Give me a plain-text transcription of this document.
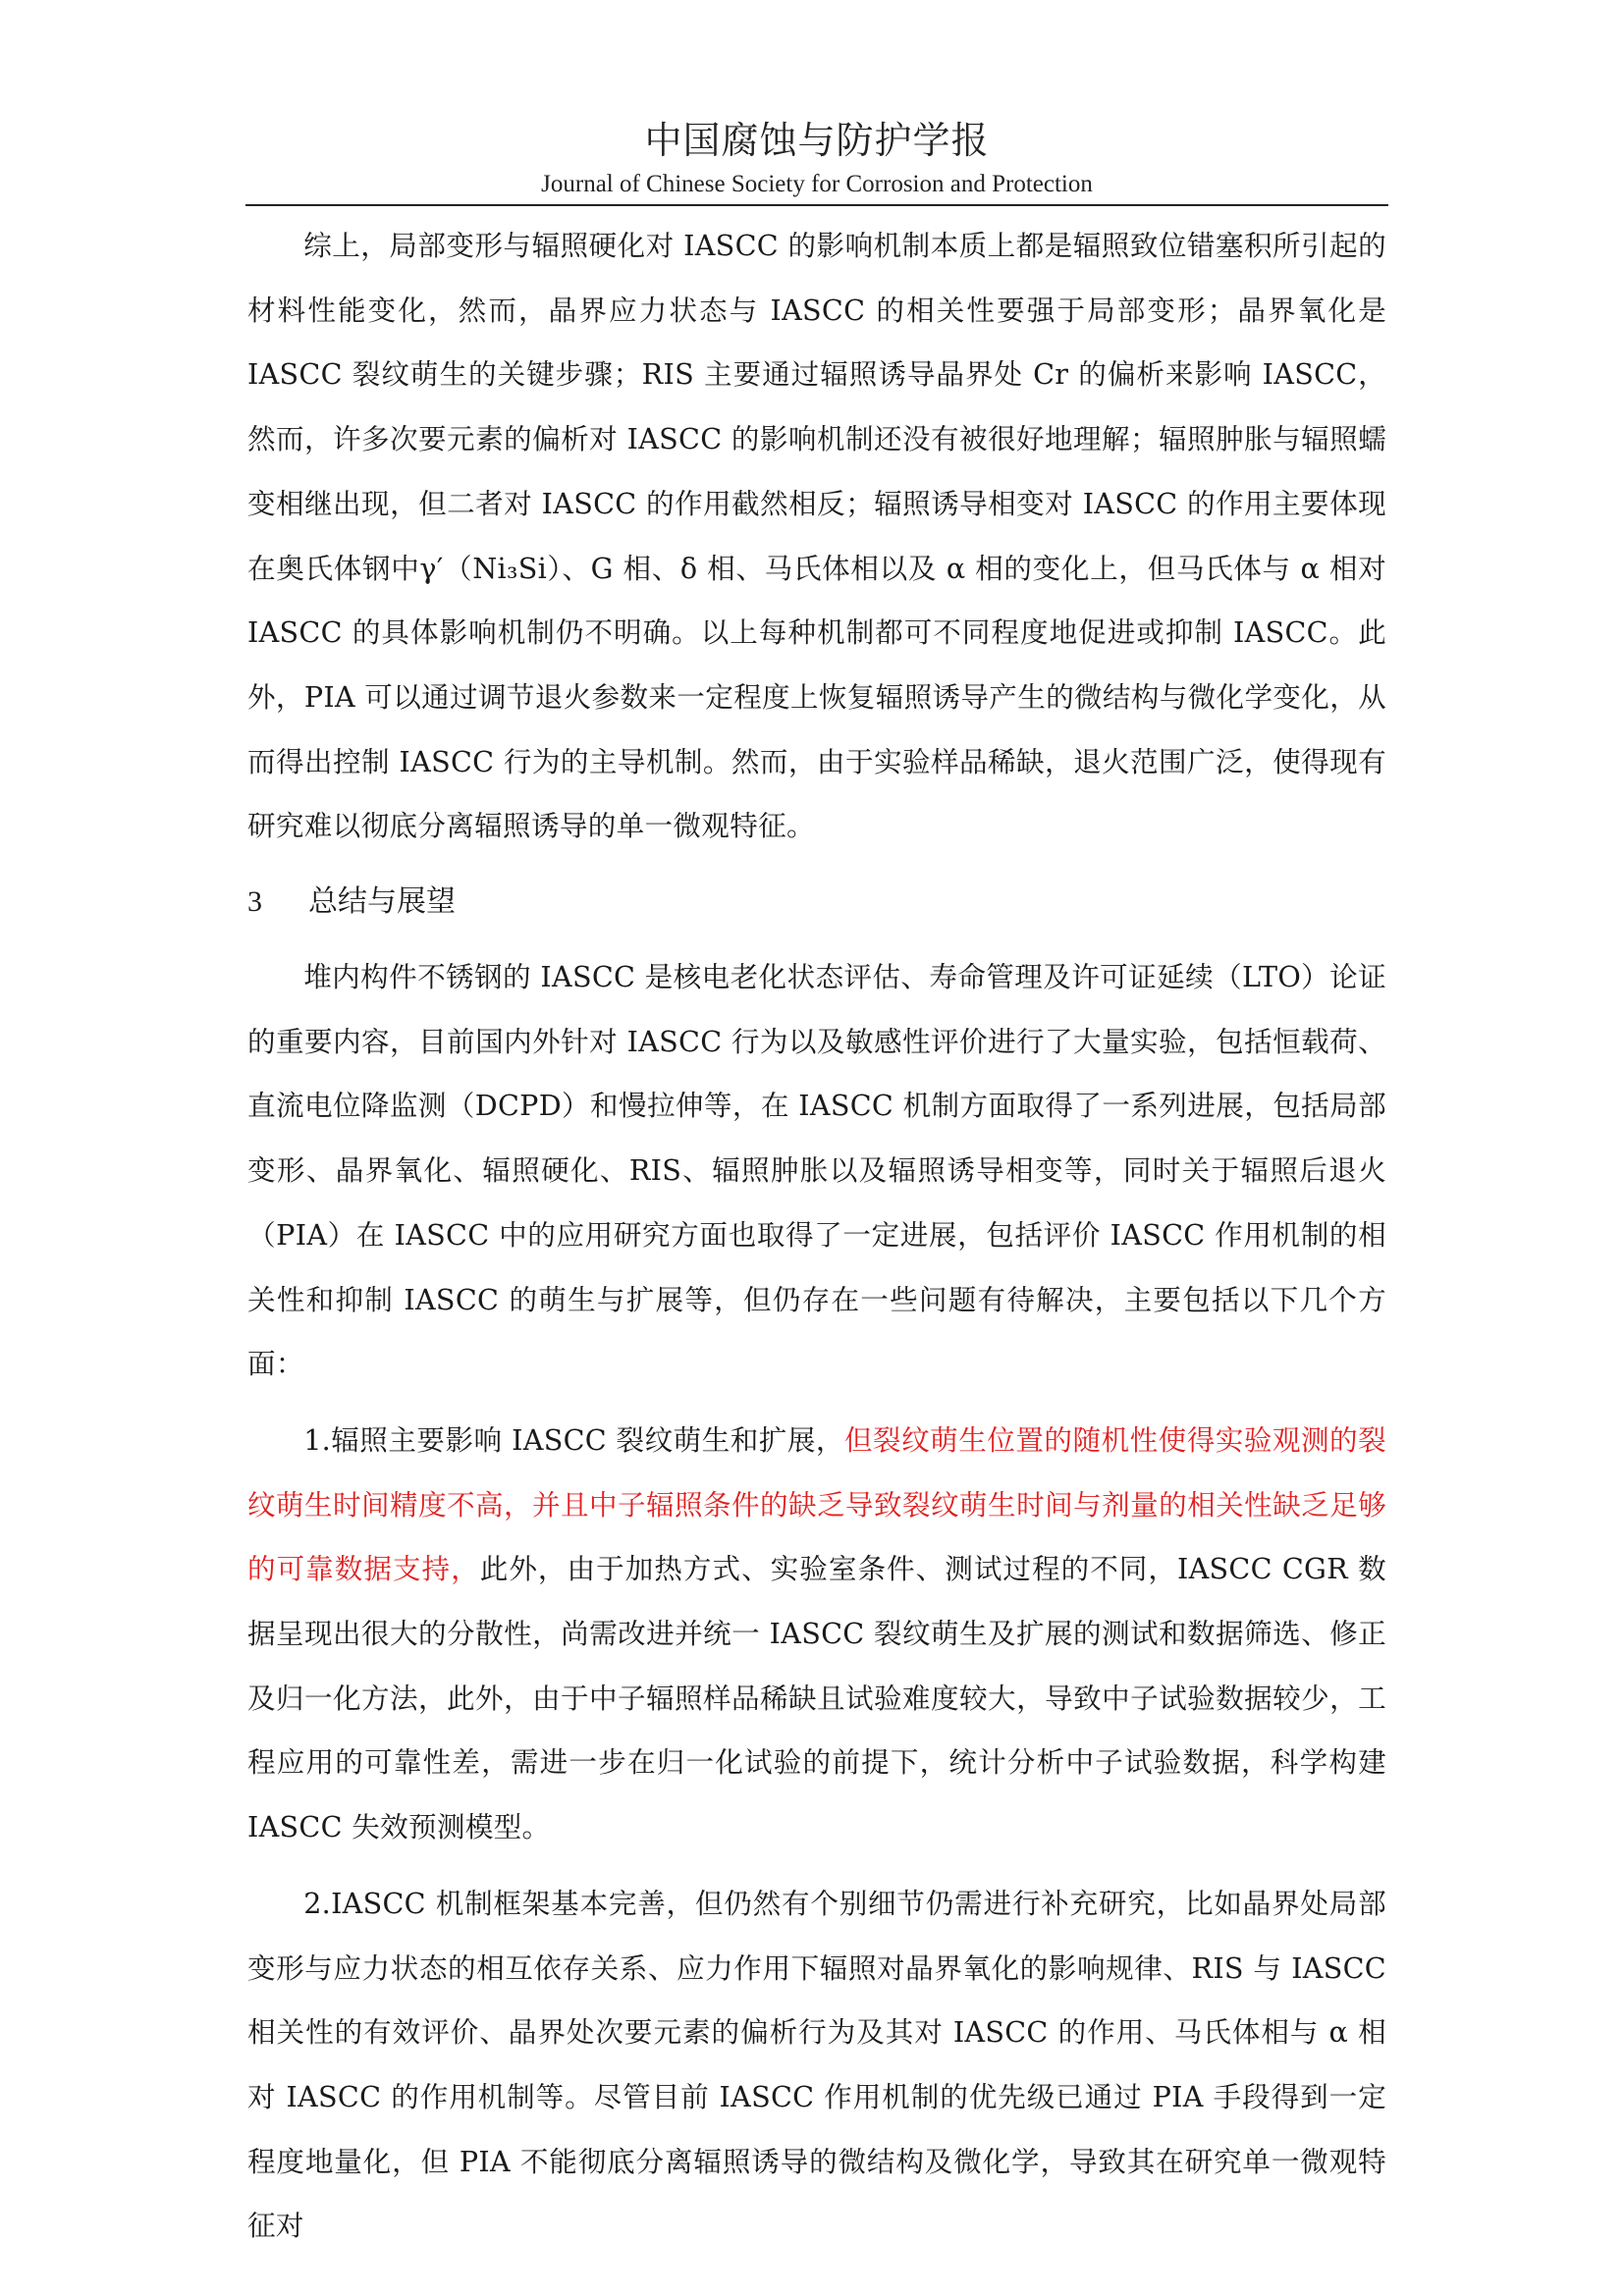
中国腐蚀与防护学报
Journal of Chinese Society for Corrosion and Protection

综上，局部变形与辐照硬化对 IASCC 的影响机制本质上都是辐照致位错塞积所引起的材料性能变化，然而，晶界应力状态与 IASCC 的相关性要强于局部变形；晶界氧化是 IASCC 裂纹萌生的关键步骤；RIS 主要通过辐照诱导晶界处 Cr 的偏析来影响 IASCC，然而，许多次要元素的偏析对 IASCC 的影响机制还没有被很好地理解；辐照肿胀与辐照蠕变相继出现，但二者对 IASCC 的作用截然相反；辐照诱导相变对 IASCC 的作用主要体现在奥氏体钢中γ′（Ni₃Si）、G 相、δ 相、马氏体相以及 α 相的变化上，但马氏体与 α 相对 IASCC 的具体影响机制仍不明确。以上每种机制都可不同程度地促进或抑制 IASCC。此外，PIA 可以通过调节退火参数来一定程度上恢复辐照诱导产生的微结构与微化学变化，从而得出控制 IASCC 行为的主导机制。然而，由于实验样品稀缺，退火范围广泛，使得现有研究难以彻底分离辐照诱导的单一微观特征。

3 总结与展望

堆内构件不锈钢的 IASCC 是核电老化状态评估、寿命管理及许可证延续（LTO）论证的重要内容，目前国内外针对 IASCC 行为以及敏感性评价进行了大量实验，包括恒载荷、直流电位降监测（DCPD）和慢拉伸等，在 IASCC 机制方面取得了一系列进展，包括局部变形、晶界氧化、辐照硬化、RIS、辐照肿胀以及辐照诱导相变等，同时关于辐照后退火（PIA）在 IASCC 中的应用研究方面也取得了一定进展，包括评价 IASCC 作用机制的相关性和抑制 IASCC 的萌生与扩展等，但仍存在一些问题有待解决，主要包括以下几个方面：

1.辐照主要影响 IASCC 裂纹萌生和扩展，但裂纹萌生位置的随机性使得实验观测的裂纹萌生时间精度不高，并且中子辐照条件的缺乏导致裂纹萌生时间与剂量的相关性缺乏足够的可靠数据支持，此外，由于加热方式、实验室条件、测试过程的不同，IASCC CGR 数据呈现出很大的分散性，尚需改进并统一 IASCC 裂纹萌生及扩展的测试和数据筛选、修正及归一化方法，此外，由于中子辐照样品稀缺且试验难度较大，导致中子试验数据较少，工程应用的可靠性差，需进一步在归一化试验的前提下，统计分析中子试验数据，科学构建 IASCC 失效预测模型。

2.IASCC 机制框架基本完善，但仍然有个别细节仍需进行补充研究，比如晶界处局部变形与应力状态的相互依存关系、应力作用下辐照对晶界氧化的影响规律、RIS 与 IASCC 相关性的有效评价、晶界处次要元素的偏析行为及其对 IASCC 的作用、马氏体相与 α 相对 IASCC 的作用机制等。尽管目前 IASCC 作用机制的优先级已通过 PIA 手段得到一定程度地量化，但 PIA 不能彻底分离辐照诱导的微结构及微化学，导致其在研究单一微观特征对
